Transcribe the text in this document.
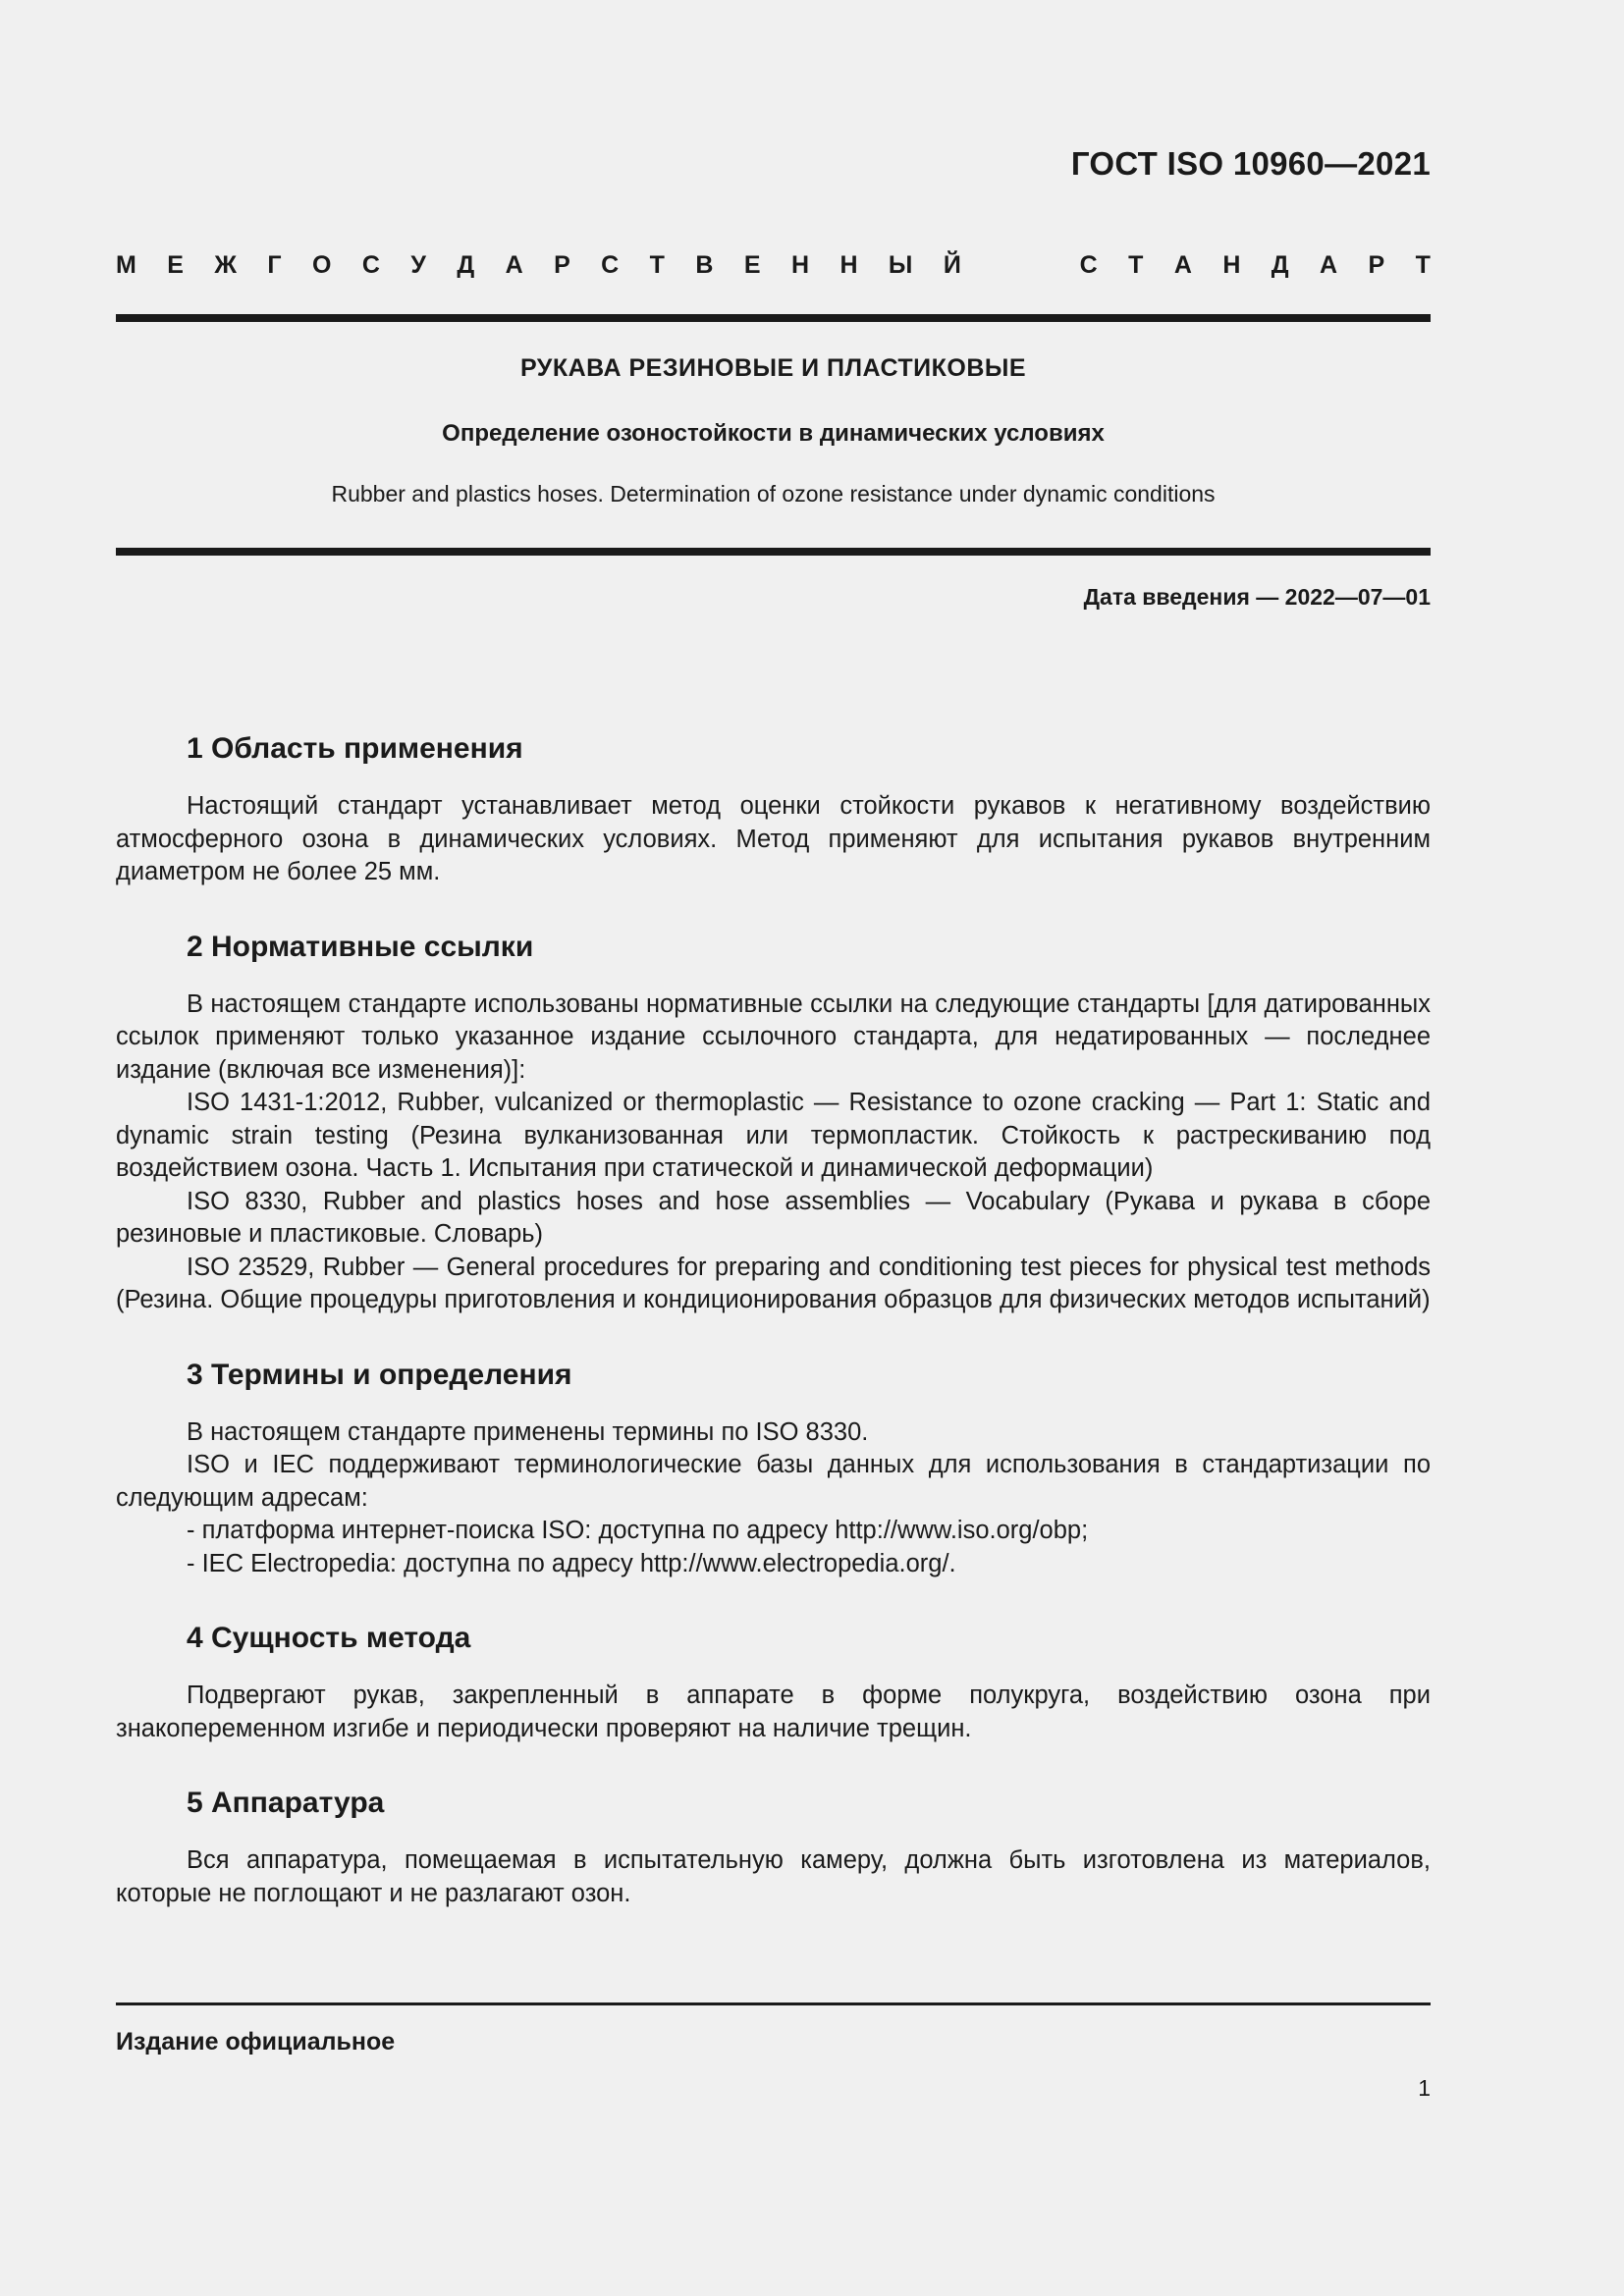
ГОСТ ISO 10960—2021
М Е Ж Г О С У Д А Р С Т В Е Н Н Ы Й	С Т А Н Д А Р Т
РУКАВА РЕЗИНОВЫЕ И ПЛАСТИКОВЫЕ
Определение озоностойкости в динамических условиях
Rubber and plastics hoses. Determination of ozone resistance under dynamic conditions
Дата введения — 2022—07—01
1 Область применения

Настоящий стандарт устанавливает метод оценки стойкости рукавов к негативному воздействию атмосферного озона в динамических условиях. Метод применяют для испытания рукавов внутренним диаметром не более 25 мм.

2 Нормативные ссылки

В настоящем стандарте использованы нормативные ссылки на следующие стандарты [для датированных ссылок применяют только указанное издание ссылочного стандарта, для недатированных — последнее издание (включая все изменения)]:

ISO 1431-1:2012, Rubber, vulcanized or thermoplastic — Resistance to ozone cracking — Part 1: Static and dynamic strain testing (Резина вулканизованная или термопластик. Стойкость к растрескиванию под воздействием озона. Часть 1. Испытания при статической и динамической деформации)

ISO 8330, Rubber and plastics hoses and hose assemblies — Vocabulary (Рукава и рукава в сборе резиновые и пластиковые. Словарь)

ISO 23529, Rubber — General procedures for preparing and conditioning test pieces for physical test methods (Резина. Общие процедуры приготовления и кондиционирования образцов для физических методов испытаний)

3 Термины и определения

В настоящем стандарте применены термины по ISO 8330.

ISO и IEC поддерживают терминологические базы данных для использования в стандартизации по следующим адресам:

- платформа интернет-поиска ISO: доступна по адресу http://www.iso.org/obp;

- IEC Electropedia: доступна по адресу http://www.electropedia.org/.

4 Сущность метода

Подвергают рукав, закрепленный в аппарате в форме полукруга, воздействию озона при знакопеременном изгибе и периодически проверяют на наличие трещин.

5 Аппаратура

Вся аппаратура, помещаемая в испытательную камеру, должна быть изготовлена из материалов, которые не поглощают и не разлагают озон.

Издание официальное
1
